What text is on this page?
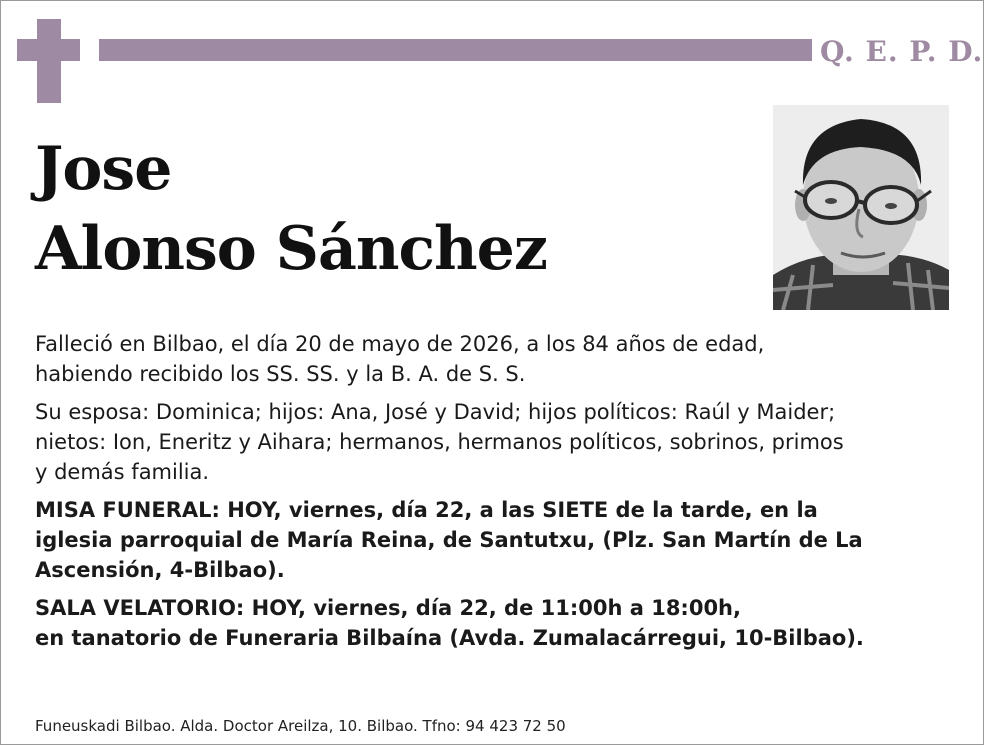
Q. E. P. D.
Jose
Alonso Sánchez

Falleció en Bilbao, el día 20 de mayo de 2026, a los 84 años de edad,
habiendo recibido los SS. SS. y la B. A. de S. S.

Su esposa: Dominica; hijos: Ana, José y David; hijos políticos: Raúl y Maider;
nietos: Ion, Eneritz y Aihara; hermanos, hermanos políticos, sobrinos, primos
y demás familia.

MISA FUNERAL: HOY, viernes, día 22, a las SIETE de la tarde, en la
iglesia parroquial de María Reina, de Santutxu, (Plz. San Martín de La
Ascensión, 4-Bilbao).

SALA VELATORIO: HOY, viernes, día 22, de 11:00h a 18:00h,
en tanatorio de Funeraria Bilbaína (Avda. Zumalacárregui, 10-Bilbao).

Funeuskadi Bilbao. Alda. Doctor Areilza, 10. Bilbao. Tfno: 94 423 72 50
